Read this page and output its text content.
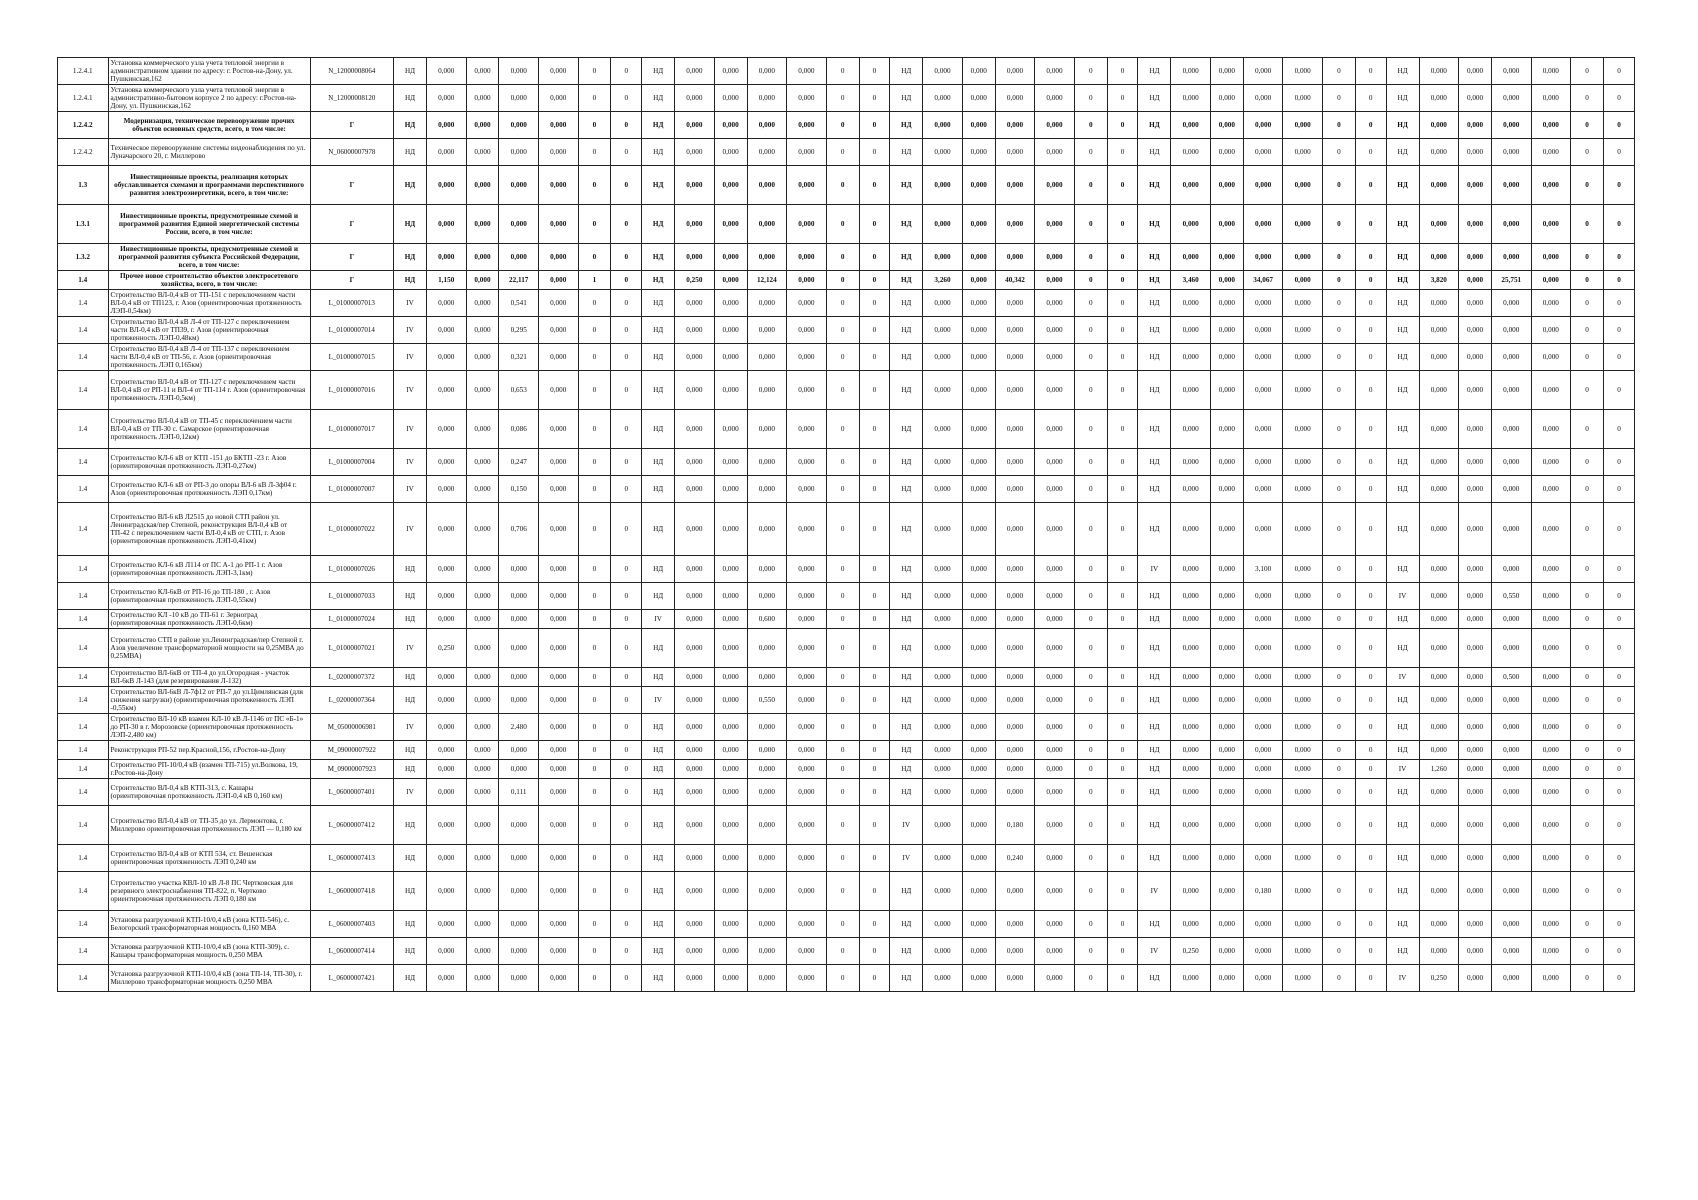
1.2.4.1	Установка коммерческого узла учета тепловой энергии в административном здании по адресу: г. Ростов-на-Дону, ул. Пушкинская,162	N_12000008064	НД	0,000	0,000	0,000	0,000	0	0	НД	0,000	0,000	0,000	0,000	0	0	НД	0,000	0,000	0,000	0,000	0	0	НД	0,000	0,000	0,000	0,000	0	0	НД	0,000	0,000	0,000	0,000	0	0
1.2.4.1	Установка коммерческого узла учета тепловой энергии в административно-бытовом корпусе 2 по адресу: г.Ростов-на-Дону, ул. Пушкинская,162	N_12000008120	НД	0,000	0,000	0,000	0,000	0	0	НД	0,000	0,000	0,000	0,000	0	0	НД	0,000	0,000	0,000	0,000	0	0	НД	0,000	0,000	0,000	0,000	0	0	НД	0,000	0,000	0,000	0,000	0	0
1.2.4.2	Модернизация, техническое перевооружение прочих объектов основных средств, всего, в том числе:	Г	НД	0,000	0,000	0,000	0,000	0	0	НД	0,000	0,000	0,000	0,000	0	0	НД	0,000	0,000	0,000	0,000	0	0	НД	0,000	0,000	0,000	0,000	0	0	НД	0,000	0,000	0,000	0,000	0	0
1.2.4.2	Техническое перевооружение системы видеонаблюдения по ул. Луначарского 20, г. Миллерово	N_06000007978	НД	0,000	0,000	0,000	0,000	0	0	НД	0,000	0,000	0,000	0,000	0	0	НД	0,000	0,000	0,000	0,000	0	0	НД	0,000	0,000	0,000	0,000	0	0	НД	0,000	0,000	0,000	0,000	0	0
1.3	Инвестиционные проекты, реализация которых обуславливается схемами и программами перспективного развития электроэнергетики, всего, в том числе:	Г	НД	0,000	0,000	0,000	0,000	0	0	НД	0,000	0,000	0,000	0,000	0	0	НД	0,000	0,000	0,000	0,000	0	0	НД	0,000	0,000	0,000	0,000	0	0	НД	0,000	0,000	0,000	0,000	0	0
1.3.1	Инвестиционные проекты, предусмотренные схемой и программой развития Единой энергетической системы России, всего, в том числе:	Г	НД	0,000	0,000	0,000	0,000	0	0	НД	0,000	0,000	0,000	0,000	0	0	НД	0,000	0,000	0,000	0,000	0	0	НД	0,000	0,000	0,000	0,000	0	0	НД	0,000	0,000	0,000	0,000	0	0
1.3.2	Инвестиционные проекты, предусмотренные схемой и программой развития субъекта Российской Федерации, всего, в том числе:	Г	НД	0,000	0,000	0,000	0,000	0	0	НД	0,000	0,000	0,000	0,000	0	0	НД	0,000	0,000	0,000	0,000	0	0	НД	0,000	0,000	0,000	0,000	0	0	НД	0,000	0,000	0,000	0,000	0	0
1.4	Прочее новое строительство объектов электросетевого хозяйства, всего, в том числе:	Г	НД	1,150	0,000	22,117	0,000	1	0	НД	0,250	0,000	12,124	0,000	0	0	НД	3,260	0,000	40,342	0,000	0	0	НД	3,460	0,000	34,067	0,000	0	0	НД	3,820	0,000	25,751	0,000	0	0
1.4	Строительство ВЛ-0,4 кВ от ТП-151 с переключением части ВЛ-0,4 кВ от ТП123, г. Азов (ориентировочная протяженность ЛЭП-0,54км)	L_01000007013	IV	0,000	0,000	0,541	0,000	0	0	НД	0,000	0,000	0,000	0,000	0	0	НД	0,000	0,000	0,000	0,000	0	0	НД	0,000	0,000	0,000	0,000	0	0	НД	0,000	0,000	0,000	0,000	0	0
1.4	Строительство ВЛ-0,4 кВ Л-4 от ТП-127 с переключением части ВЛ-0,4 кВ от ТП39, г. Азов (ориентировочная протяженность ЛЭП-0,48км)	L_01000007014	IV	0,000	0,000	0,295	0,000	0	0	НД	0,000	0,000	0,000	0,000	0	0	НД	0,000	0,000	0,000	0,000	0	0	НД	0,000	0,000	0,000	0,000	0	0	НД	0,000	0,000	0,000	0,000	0	0
1.4	Строительство ВЛ-0,4 кВ Л-4 от ТП-137 с переключением части ВЛ-0,4 кВ от ТП-56, г. Азов (ориентировочная протяженность ЛЭП 0,165км)	L_01000007015	IV	0,000	0,000	0,321	0,000	0	0	НД	0,000	0,000	0,000	0,000	0	0	НД	0,000	0,000	0,000	0,000	0	0	НД	0,000	0,000	0,000	0,000	0	0	НД	0,000	0,000	0,000	0,000	0	0
1.4	Строительство ВЛ-0,4 кВ от ТП-127 с переключением части ВЛ-0,4 кВ от РП-11 и ВЛ-4 от ТП-114 г. Азов (ориентировочная протяженность ЛЭП-0,5км)	L_01000007016	IV	0,000	0,000	0,653	0,000	0	0	НД	0,000	0,000	0,000	0,000	0	0	НД	0,000	0,000	0,000	0,000	0	0	НД	0,000	0,000	0,000	0,000	0	0	НД	0,000	0,000	0,000	0,000	0	0
1.4	Строительство ВЛ-0,4 кВ от ТП-45 с переключением части ВЛ-0,4 кВ от ТП-30 с. Самарское (ориентировочная протяженность ЛЭП-0,12км)	L_01000007017	IV	0,000	0,000	0,086	0,000	0	0	НД	0,000	0,000	0,000	0,000	0	0	НД	0,000	0,000	0,000	0,000	0	0	НД	0,000	0,000	0,000	0,000	0	0	НД	0,000	0,000	0,000	0,000	0	0
1.4	Строительство КЛ-6 кВ от КТП -151 до БКТП -23 г. Азов (ориентировочная протяженность ЛЭП-0,27км)	L_01000007004	IV	0,000	0,000	0,247	0,000	0	0	НД	0,000	0,000	0,000	0,000	0	0	НД	0,000	0,000	0,000	0,000	0	0	НД	0,000	0,000	0,000	0,000	0	0	НД	0,000	0,000	0,000	0,000	0	0
1.4	Строительство КЛ-6 кВ от РП-3 до опоры ВЛ-6 кВ Л-3ф04 г. Азов (ориентировочная протяженность ЛЭП 0,17км)	L_01000007007	IV	0,000	0,000	0,150	0,000	0	0	НД	0,000	0,000	0,000	0,000	0	0	НД	0,000	0,000	0,000	0,000	0	0	НД	0,000	0,000	0,000	0,000	0	0	НД	0,000	0,000	0,000	0,000	0	0
1.4	Строительство ВЛ-6 кВ Л2515 до новой СТП район ул. Ленинградская/пер Степной, реконструкция ВЛ-0,4 кВ от ТП-42 с переключением части ВЛ-0,4 кВ от СТП, г. Азов (ориентировочная протяженность ЛЭП-0,41км)	L_01000007022	IV	0,000	0,000	0,706	0,000	0	0	НД	0,000	0,000	0,000	0,000	0	0	НД	0,000	0,000	0,000	0,000	0	0	НД	0,000	0,000	0,000	0,000	0	0	НД	0,000	0,000	0,000	0,000	0	0
1.4	Строительство КЛ-6 кВ Л114 от ПС А-1 до РП-1 г. Азов (ориентировочная протяженность ЛЭП-3,1км)	L_01000007026	НД	0,000	0,000	0,000	0,000	0	0	НД	0,000	0,000	0,000	0,000	0	0	НД	0,000	0,000	0,000	0,000	0	0	IV	0,000	0,000	3,100	0,000	0	0	НД	0,000	0,000	0,000	0,000	0	0
1.4	Строительство КЛ-6кВ от РП-16 до ТП-180 , г. Азов (ориентировочная протяженность ЛЭП-0,55км)	L_01000007033	НД	0,000	0,000	0,000	0,000	0	0	НД	0,000	0,000	0,000	0,000	0	0	НД	0,000	0,000	0,000	0,000	0	0	НД	0,000	0,000	0,000	0,000	0	0	IV	0,000	0,000	0,550	0,000	0	0
1.4	Строительство КЛ -10 кВ до ТП-61 г. Зерноград (ориентировочная протяженность ЛЭП-0,6км)	L_01000007024	НД	0,000	0,000	0,000	0,000	0	0	IV	0,000	0,000	0,600	0,000	0	0	НД	0,000	0,000	0,000	0,000	0	0	НД	0,000	0,000	0,000	0,000	0	0	НД	0,000	0,000	0,000	0,000	0	0
1.4	Строительство СТП в районе ул.Ленинградская/пер Степной г. Азов увеличение трансформаторной мощности на 0,25МВА до 0,25МВА)	L_01000007021	IV	0,250	0,000	0,000	0,000	0	0	НД	0,000	0,000	0,000	0,000	0	0	НД	0,000	0,000	0,000	0,000	0	0	НД	0,000	0,000	0,000	0,000	0	0	НД	0,000	0,000	0,000	0,000	0	0
1.4	Строительство ВЛ-6кВ от ТП-4 до ул.Огородная - участок ВЛ-6кВ Л-143 (для резервирования Л-132)	L_02000007372	НД	0,000	0,000	0,000	0,000	0	0	НД	0,000	0,000	0,000	0,000	0	0	НД	0,000	0,000	0,000	0,000	0	0	НД	0,000	0,000	0,000	0,000	0	0	IV	0,000	0,000	0,500	0,000	0	0
1.4	Строительство ВЛ-6кВ Л-7ф12 от РП-7 до ул.Цимлянская (для снижения нагрузки) (ориентировочная протяженность ЛЭП -0,55км)	L_02000007364	НД	0,000	0,000	0,000	0,000	0	0	IV	0,000	0,000	0,550	0,000	0	0	НД	0,000	0,000	0,000	0,000	0	0	НД	0,000	0,000	0,000	0,000	0	0	НД	0,000	0,000	0,000	0,000	0	0
1.4	Строительство ВЛ-10 кВ взамен КЛ-10 кВ Л-1146 от ПС «Б-1» до РП-30 в г. Морозовске (ориентировочная протяженность ЛЭП-2,480 км)	M_05000006981	IV	0,000	0,000	2,480	0,000	0	0	НД	0,000	0,000	0,000	0,000	0	0	НД	0,000	0,000	0,000	0,000	0	0	НД	0,000	0,000	0,000	0,000	0	0	НД	0,000	0,000	0,000	0,000	0	0
1.4	Реконструкция РП-52 пер.Красной,156, г.Ростов-на-Дону	M_09000007922	НД	0,000	0,000	0,000	0,000	0	0	НД	0,000	0,000	0,000	0,000	0	0	НД	0,000	0,000	0,000	0,000	0	0	НД	0,000	0,000	0,000	0,000	0	0	НД	0,000	0,000	0,000	0,000	0	0
1.4	Строительство РП-10/0,4 кВ (взамен ТП-715) ул.Волкова, 19, г.Ростов-на-Дону	M_09000007923	НД	0,000	0,000	0,000	0,000	0	0	НД	0,000	0,000	0,000	0,000	0	0	НД	0,000	0,000	0,000	0,000	0	0	НД	0,000	0,000	0,000	0,000	0	0	IV	1,260	0,000	0,000	0,000	0	0
1.4	Строительство ВЛ-0,4 кВ КТП-313, с. Кашары (ориентировочная протяженность ЛЭП-0,4 кВ 0,160 км)	L_06000007401	IV	0,000	0,000	0,111	0,000	0	0	НД	0,000	0,000	0,000	0,000	0	0	НД	0,000	0,000	0,000	0,000	0	0	НД	0,000	0,000	0,000	0,000	0	0	НД	0,000	0,000	0,000	0,000	0	0
1.4	Строительство ВЛ-0,4 кВ от ТП-35 до ул. Лермонтова, г. Миллерово ориентировочная протяженность ЛЭП — 0,180 км	L_06000007412	НД	0,000	0,000	0,000	0,000	0	0	НД	0,000	0,000	0,000	0,000	0	0	IV	0,000	0,000	0,180	0,000	0	0	НД	0,000	0,000	0,000	0,000	0	0	НД	0,000	0,000	0,000	0,000	0	0
1.4	Строительство ВЛ-0,4 кВ от КТП 534, ст. Вешенская ориентировочная протяженность ЛЭП 0,240 км	L_06000007413	НД	0,000	0,000	0,000	0,000	0	0	НД	0,000	0,000	0,000	0,000	0	0	IV	0,000	0,000	0,240	0,000	0	0	НД	0,000	0,000	0,000	0,000	0	0	НД	0,000	0,000	0,000	0,000	0	0
1.4	Строительство участка КВЛ-10 кВ Л-8 ПС Чертковская для резервного электроснабжения ТП-822, п. Чертково ориентировочная протяженность ЛЭП 0,180 км	L_06000007418	НД	0,000	0,000	0,000	0,000	0	0	НД	0,000	0,000	0,000	0,000	0	0	НД	0,000	0,000	0,000	0,000	0	0	IV	0,000	0,000	0,180	0,000	0	0	НД	0,000	0,000	0,000	0,000	0	0
1.4	Установка разгрузочной КТП-10/0,4 кВ (зона КТП-546), с. Белогорский трансформаторная мощность 0,160 МВА	L_06000007403	НД	0,000	0,000	0,000	0,000	0	0	НД	0,000	0,000	0,000	0,000	0	0	НД	0,000	0,000	0,000	0,000	0	0	НД	0,000	0,000	0,000	0,000	0	0	НД	0,000	0,000	0,000	0,000	0	0
1.4	Установка разгрузочной КТП-10/0,4 кВ (зона КТП-309), с. Кашары трансформаторная мощность 0,250 МВА	L_06000007414	НД	0,000	0,000	0,000	0,000	0	0	НД	0,000	0,000	0,000	0,000	0	0	НД	0,000	0,000	0,000	0,000	0	0	IV	0,250	0,000	0,000	0,000	0	0	НД	0,000	0,000	0,000	0,000	0	0
1.4	Установка разгрузочной КТП-10/0,4 кВ (зона ТП-14, ТП-30), г. Миллерово трансформаторная мощность 0,250 МВА	L_06000007421	НД	0,000	0,000	0,000	0,000	0	0	НД	0,000	0,000	0,000	0,000	0	0	НД	0,000	0,000	0,000	0,000	0	0	НД	0,000	0,000	0,000	0,000	0	0	IV	0,250	0,000	0,000	0,000	0	0
